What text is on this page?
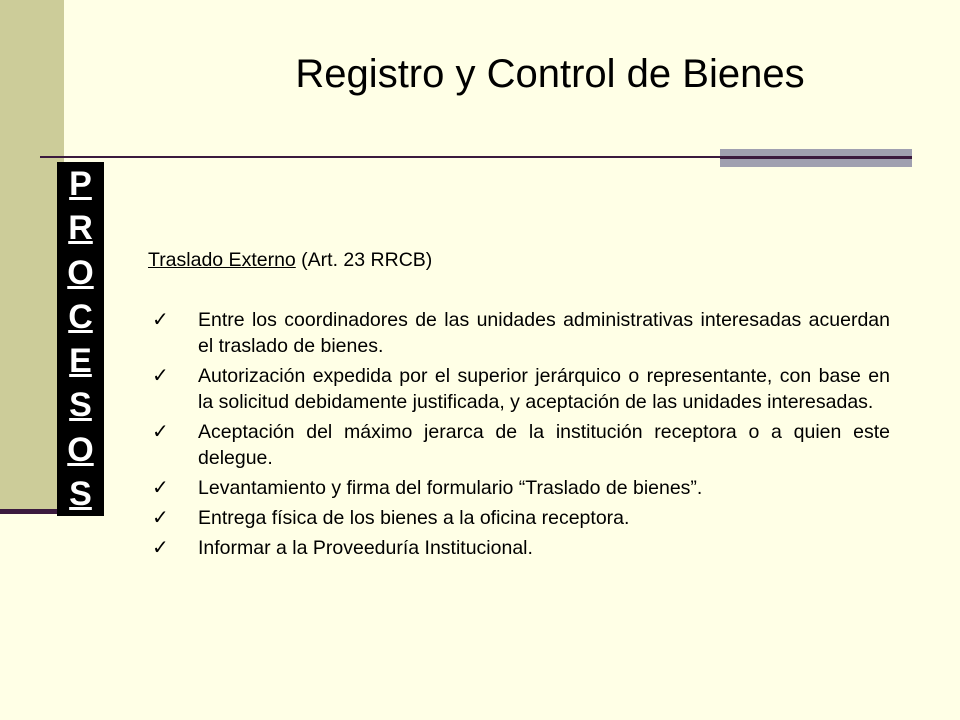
Registro y Control de Bienes
P
R
O
C
E
S
O
S

Traslado Externo (Art. 23 RRCB)

✓ Entre los coordinadores de las unidades administrativas interesadas acuerdan el traslado de bienes.
✓ Autorización expedida por el superior jerárquico o representante, con base en la solicitud debidamente justificada, y aceptación de las unidades interesadas.
✓ Aceptación del máximo jerarca de la institución receptora o a quien este delegue.
✓ Levantamiento y firma del formulario “Traslado de bienes”.
✓ Entrega física de los bienes a la oficina receptora.
✓ Informar a la Proveeduría Institucional.
